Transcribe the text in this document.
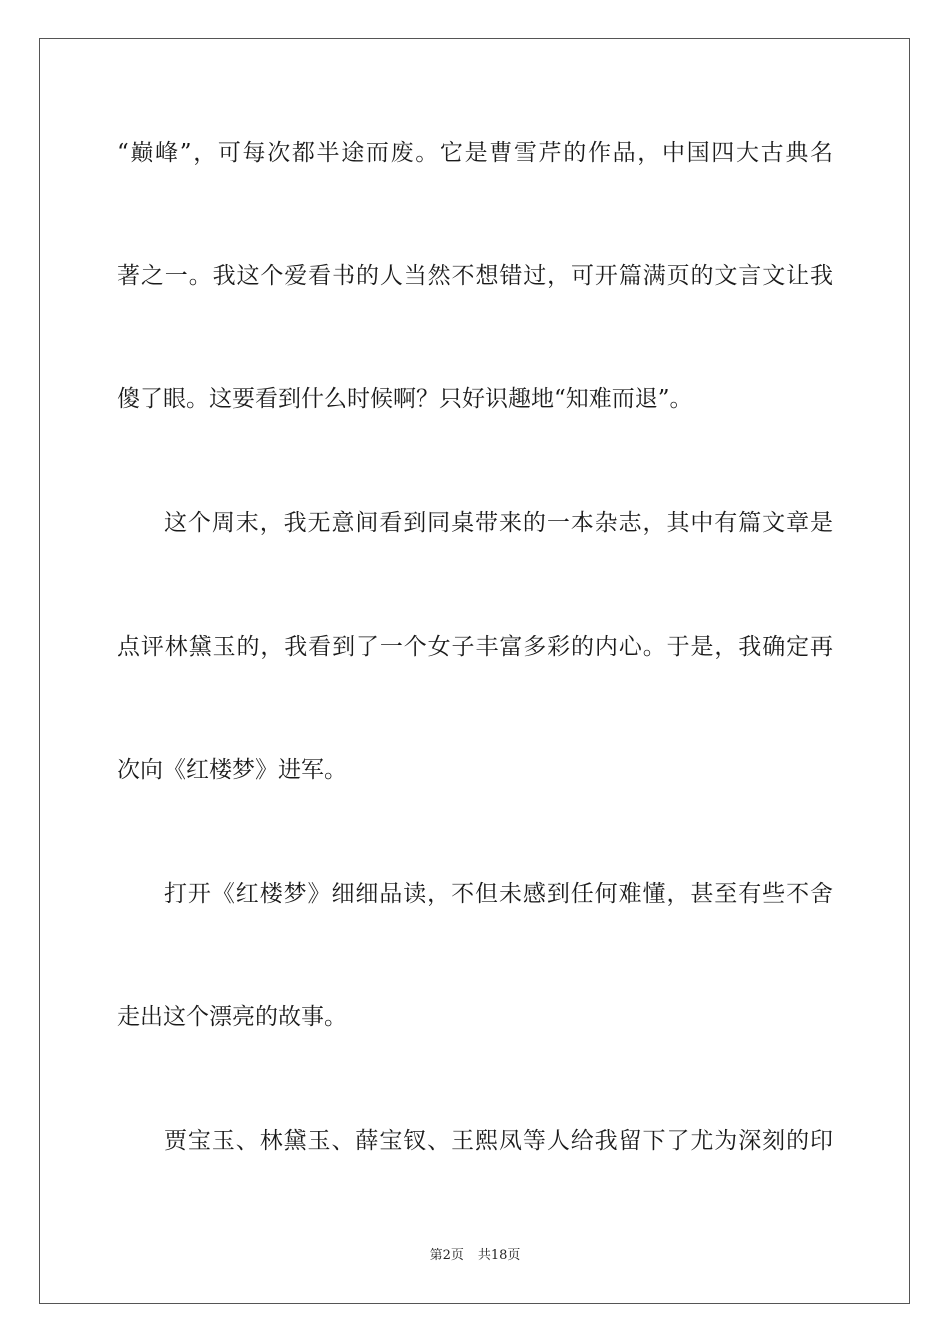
“巅峰”，可每次都半途而废。它是曹雪芹的作品，中国四大古典名
著之一。我这个爱看书的人当然不想错过，可开篇满页的文言文让我
傻了眼。这要看到什么时候啊？只好识趣地“知难而退”。
这个周末，我无意间看到同桌带来的一本杂志，其中有篇文章是
点评林黛玉的，我看到了一个女子丰富多彩的内心。于是，我确定再
次向《红楼梦》进军。
打开《红楼梦》细细品读，不但未感到任何难懂，甚至有些不舍
走出这个漂亮的故事。
贾宝玉、林黛玉、薛宝钗、王熙凤等人给我留下了尤为深刻的印
第2页 共18页
